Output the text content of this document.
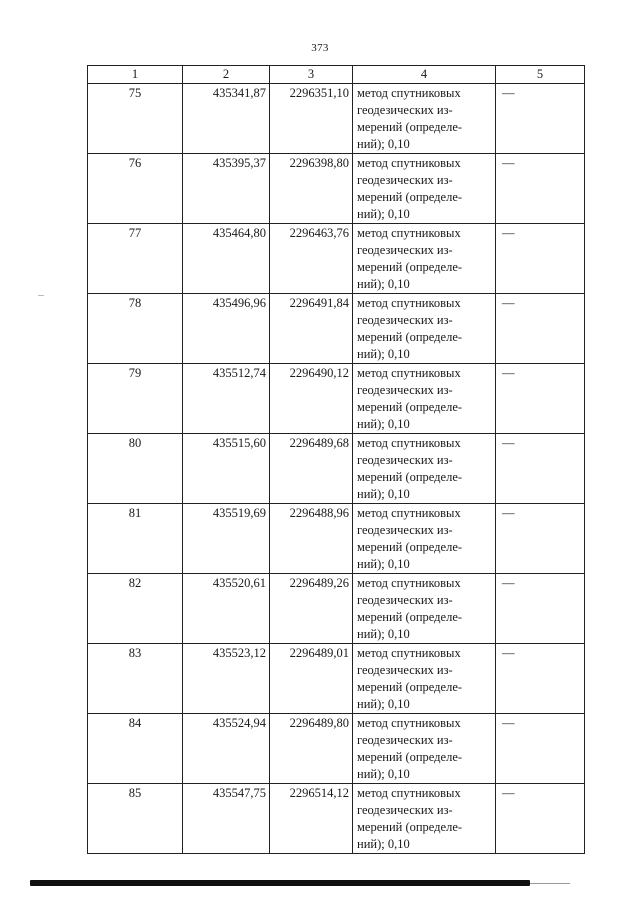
373
1	2	3	4	5
75	435341,87	2296351,10	метод спутниковых
геодезических из-
мерений (определе-
ний); 0,10	—
76	435395,37	2296398,80	метод спутниковых
геодезических из-
мерений (определе-
ний); 0,10	—
77	435464,80	2296463,76	метод спутниковых
геодезических из-
мерений (определе-
ний); 0,10	—
78	435496,96	2296491,84	метод спутниковых
геодезических из-
мерений (определе-
ний); 0,10	—
79	435512,74	2296490,12	метод спутниковых
геодезических из-
мерений (определе-
ний); 0,10	—
80	435515,60	2296489,68	метод спутниковых
геодезических из-
мерений (определе-
ний); 0,10	—
81	435519,69	2296488,96	метод спутниковых
геодезических из-
мерений (определе-
ний); 0,10	—
82	435520,61	2296489,26	метод спутниковых
геодезических из-
мерений (определе-
ний); 0,10	—
83	435523,12	2296489,01	метод спутниковых
геодезических из-
мерений (определе-
ний); 0,10	—
84	435524,94	2296489,80	метод спутниковых
геодезических из-
мерений (определе-
ний); 0,10	—
85	435547,75	2296514,12	метод спутниковых
геодезических из-
мерений (определе-
ний); 0,10	—
